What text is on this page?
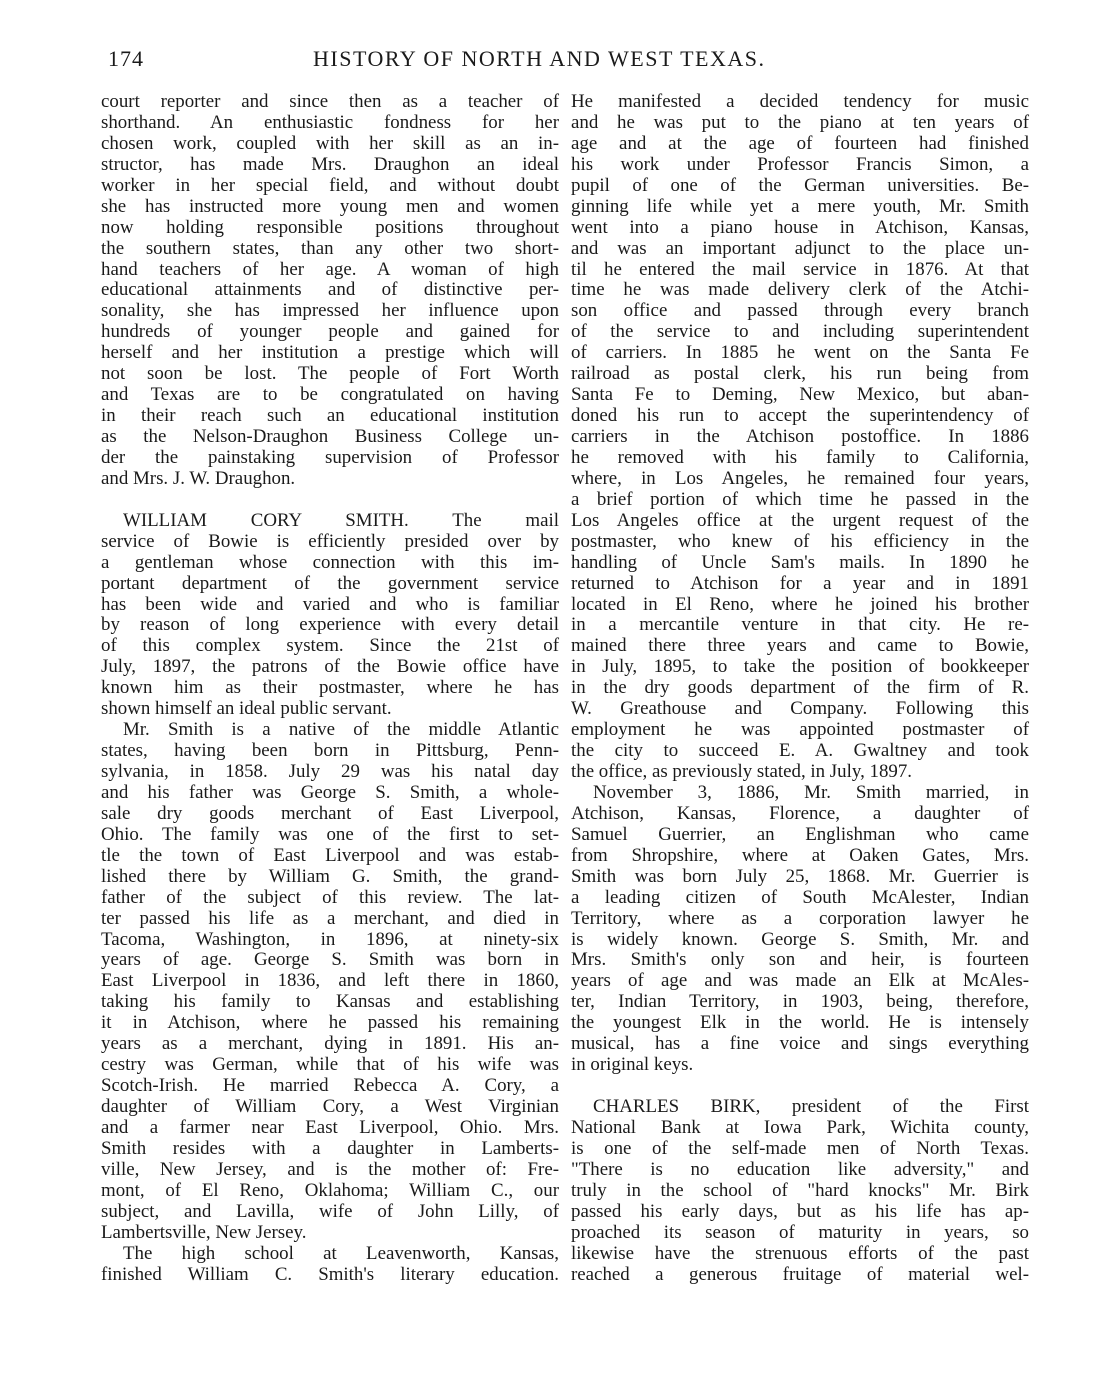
174	HISTORY OF NORTH AND WEST TEXAS.
court reporter and since then as a teacher of
shorthand. An enthusiastic fondness for her
chosen work, coupled with her skill as an in-
structor, has made Mrs. Draughon an ideal
worker in her special field, and without doubt
she has instructed more young men and women
now holding responsible positions throughout
the southern states, than any other two short-
hand teachers of her age. A woman of high
educational attainments and of distinctive per-
sonality, she has impressed her influence upon
hundreds of younger people and gained for
herself and her institution a prestige which will
not soon be lost. The people of Fort Worth
and Texas are to be congratulated on having
in their reach such an educational institution
as the Nelson-Draughon Business College un-
der the painstaking supervision of Professor
and Mrs. J. W. Draughon.
WILLIAM CORY SMITH. The mail
service of Bowie is efficiently presided over by
a gentleman whose connection with this im-
portant department of the government service
has been wide and varied and who is familiar
by reason of long experience with every detail
of this complex system. Since the 21st of
July, 1897, the patrons of the Bowie office have
known him as their postmaster, where he has
shown himself an ideal public servant.
Mr. Smith is a native of the middle Atlantic
states, having been born in Pittsburg, Penn-
sylvania, in 1858. July 29 was his natal day
and his father was George S. Smith, a whole-
sale dry goods merchant of East Liverpool,
Ohio. The family was one of the first to set-
tle the town of East Liverpool and was estab-
lished there by William G. Smith, the grand-
father of the subject of this review. The lat-
ter passed his life as a merchant, and died in
Tacoma, Washington, in 1896, at ninety-six
years of age. George S. Smith was born in
East Liverpool in 1836, and left there in 1860,
taking his family to Kansas and establishing
it in Atchison, where he passed his remaining
years as a merchant, dying in 1891. His an-
cestry was German, while that of his wife was
Scotch-Irish. He married Rebecca A. Cory, a
daughter of William Cory, a West Virginian
and a farmer near East Liverpool, Ohio. Mrs.
Smith resides with a daughter in Lamberts-
ville, New Jersey, and is the mother of: Fre-
mont, of El Reno, Oklahoma; William C., our
subject, and Lavilla, wife of John Lilly, of
Lambertsville, New Jersey.
The high school at Leavenworth, Kansas,
finished William C. Smith's literary education.
He manifested a decided tendency for music
and he was put to the piano at ten years of
age and at the age of fourteen had finished
his work under Professor Francis Simon, a
pupil of one of the German universities. Be-
ginning life while yet a mere youth, Mr. Smith
went into a piano house in Atchison, Kansas,
and was an important adjunct to the place un-
til he entered the mail service in 1876. At that
time he was made delivery clerk of the Atchi-
son office and passed through every branch
of the service to and including superintendent
of carriers. In 1885 he went on the Santa Fe
railroad as postal clerk, his run being from
Santa Fe to Deming, New Mexico, but aban-
doned his run to accept the superintendency of
carriers in the Atchison postoffice. In 1886
he removed with his family to California,
where, in Los Angeles, he remained four years,
a brief portion of which time he passed in the
Los Angeles office at the urgent request of the
postmaster, who knew of his efficiency in the
handling of Uncle Sam's mails. In 1890 he
returned to Atchison for a year and in 1891
located in El Reno, where he joined his brother
in a mercantile venture in that city. He re-
mained there three years and came to Bowie,
in July, 1895, to take the position of bookkeeper
in the dry goods department of the firm of R.
W. Greathouse and Company. Following this
employment he was appointed postmaster of
the city to succeed E. A. Gwaltney and took
the office, as previously stated, in July, 1897.
November 3, 1886, Mr. Smith married, in
Atchison, Kansas, Florence, a daughter of
Samuel Guerrier, an Englishman who came
from Shropshire, where at Oaken Gates, Mrs.
Smith was born July 25, 1868. Mr. Guerrier is
a leading citizen of South McAlester, Indian
Territory, where as a corporation lawyer he
is widely known. George S. Smith, Mr. and
Mrs. Smith's only son and heir, is fourteen
years of age and was made an Elk at McAles-
ter, Indian Territory, in 1903, being, therefore,
the youngest Elk in the world. He is intensely
musical, has a fine voice and sings everything
in original keys.
CHARLES BIRK, president of the First
National Bank at Iowa Park, Wichita county,
is one of the self-made men of North Texas.
"There is no education like adversity," and
truly in the school of "hard knocks" Mr. Birk
passed his early days, but as his life has ap-
proached its season of maturity in years, so
likewise have the strenuous efforts of the past
reached a generous fruitage of material wel-
